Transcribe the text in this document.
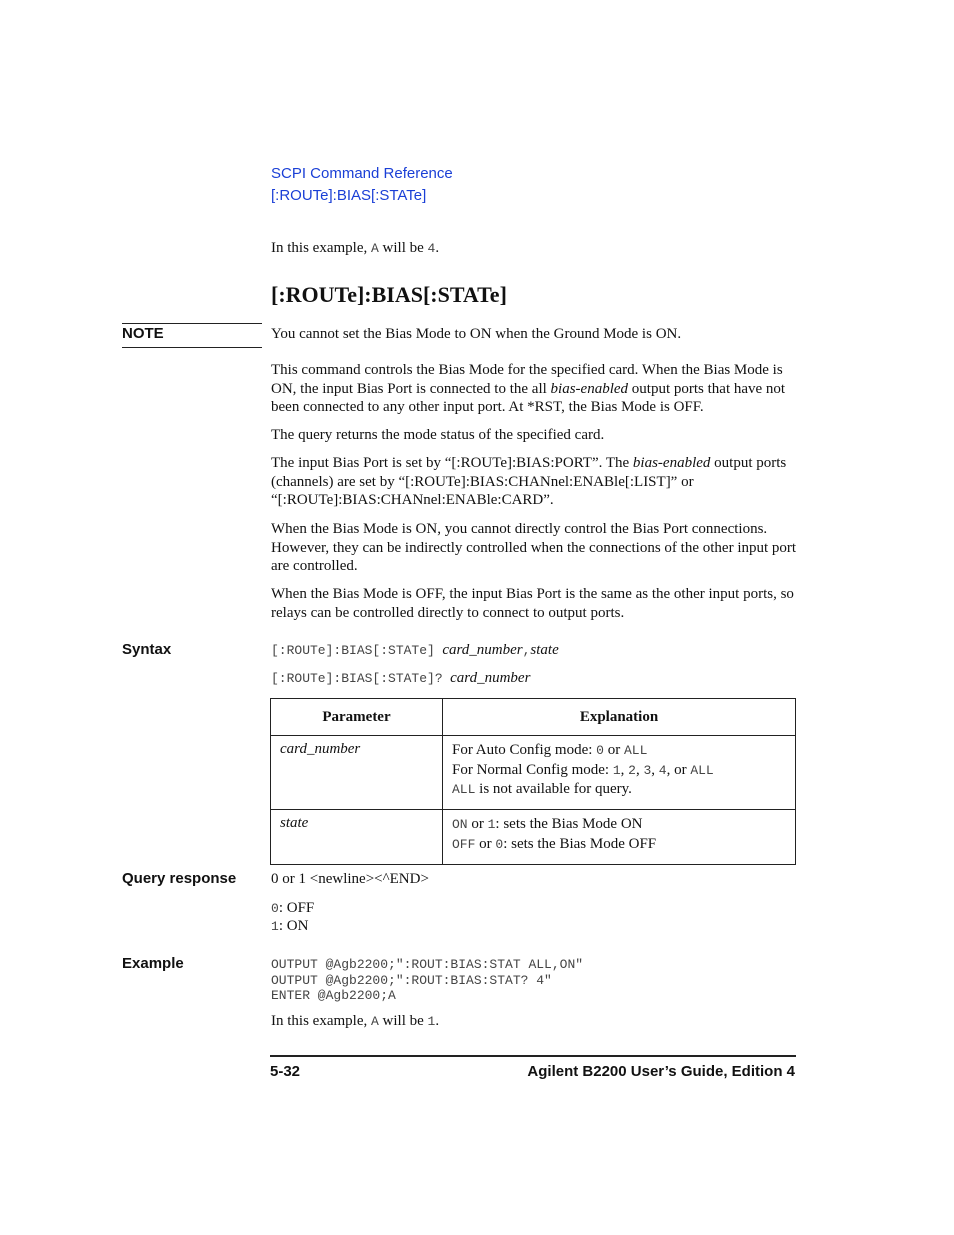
SCPI Command Reference
[:ROUTe]:BIAS[:STATe]
In this example, A will be 4.
[:ROUTe]:BIAS[:STATe]
NOTE	You cannot set the Bias Mode to ON when the Ground Mode is ON.
This command controls the Bias Mode for the specified card. When the Bias Mode is ON, the input Bias Port is connected to the all bias-enabled output ports that have not been connected to any other input port. At *RST, the Bias Mode is OFF.
The query returns the mode status of the specified card.
The input Bias Port is set by “[:ROUTe]:BIAS:PORT”. The bias-enabled output ports (channels) are set by “[:ROUTe]:BIAS:CHANnel:ENABle[:LIST]” or “[:ROUTe]:BIAS:CHANnel:ENABle:CARD”.
When the Bias Mode is ON, you cannot directly control the Bias Port connections. However, they can be indirectly controlled when the connections of the other input port are controlled.
When the Bias Mode is OFF, the input Bias Port is the same as the other input ports, so relays can be controlled directly to connect to output ports.
Syntax	[:ROUTe]:BIAS[:STATe] card_number,state
[:ROUTe]:BIAS[:STATe]? card_number
Parameter	Explanation
card_number	For Auto Config mode: 0 or ALL
For Normal Config mode: 1, 2, 3, 4, or ALL
ALL is not available for query.

state	ON or 1: sets the Bias Mode ON
OFF or 0: sets the Bias Mode OFF
Query response 0 or 1 <newline><^END>
0: OFF
1: ON
Example	OUTPUT @Agb2200;":ROUT:BIAS:STAT ALL,ON"
OUTPUT @Agb2200;":ROUT:BIAS:STAT? 4"
ENTER @Agb2200;A
In this example, A will be 1.
5-32	Agilent B2200 User’s Guide, Edition 4
